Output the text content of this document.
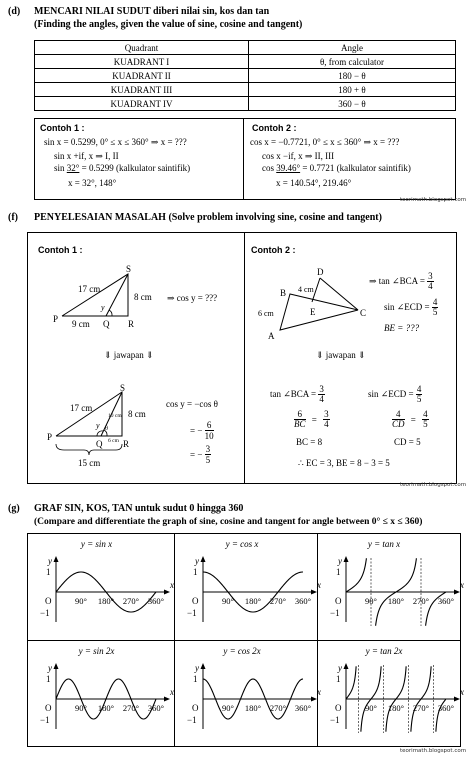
(d) MENCARI NILAI SUDUT diberi nilai sin, kos dan tan
(Finding the angles, given the value of sine, cosine and tangent)
Quadrant	Angle
KUADRANT I	θ, from calculator
KUADRANT II	180 − θ
KUADRANT III	180 + θ
KUADRANT IV	360 − θ
Contoh 1 :
sin x = 0.5299, 0° ≤ x ≤ 360° ⇒ x = ???
sin x +if, x ⇒ I, II
sin 32° = 0.5299 (kalkulator saintifik)
x = 32°, 148°
Contoh 2 :
cos x = −0.7721, 0° ≤ x ≤ 360° ⇒ x = ???
cos x −if, x ⇒ II, III
cos 39.46° = 0.7721 (kalkulator saintifik)
x = 140.54°, 219.46°
teorimath.blogspot.com
(f) PENYELESAIAN MASALAH (Solve problem involving sine, cosine and tangent)
Contoh 1 :
S
P	Q R
17 cm
8 cm
9 cm
y
⇒ cos y = ???
⇓ jawapan ⇓
S
P
Q R
17 cm
8 cm
10 cm
θ
6 cm
y
15 cm
cos y = −cos θ
= − $\frac{6}{10}$
= − $\frac{3}{5}$
Contoh 2 :
D
B
E	C
A
4 cm
6 cm
⇒ tan ∠BCA = $\frac{3}{4}$
sin ∠ECD = $\frac{4}{5}$
BE = ???
⇓ jawapan ⇓
tan ∠BCA = $\frac{3}{4}$	sin ∠ECD = $\frac{4}{5}$
$\frac{6}{BC} = \frac{3}{4}$	$\frac{4}{CD} = \frac{4}{5}$
BC = 8	CD = 5
∴ EC = 3, BE = 8 − 3 = 5
teorimath.blogspot.com
(g) GRAF SIN, KOS, TAN untuk sudut 0 hingga 360
(Compare and differentiate the graph of sine, cosine and tangent for angle between 0° ≤ x ≤ 360)
y = sin x
y
x
O
1
−1
90° 180° 270° 360°
y = cos x
y
x
O
1
−1
90° 180° 270° 360°
y = tan x
y
x
O
1
−1
90° 180° 270° 360°
y = sin 2x
y
x
O
1
−1
90° 180° 270° 360°
y = cos 2x
y
x
O
1
−1
90° 180° 270° 360°
y = tan 2x
y
x
O
1
−1
90° 180° 270° 360°
teorimath.blogspot.com
